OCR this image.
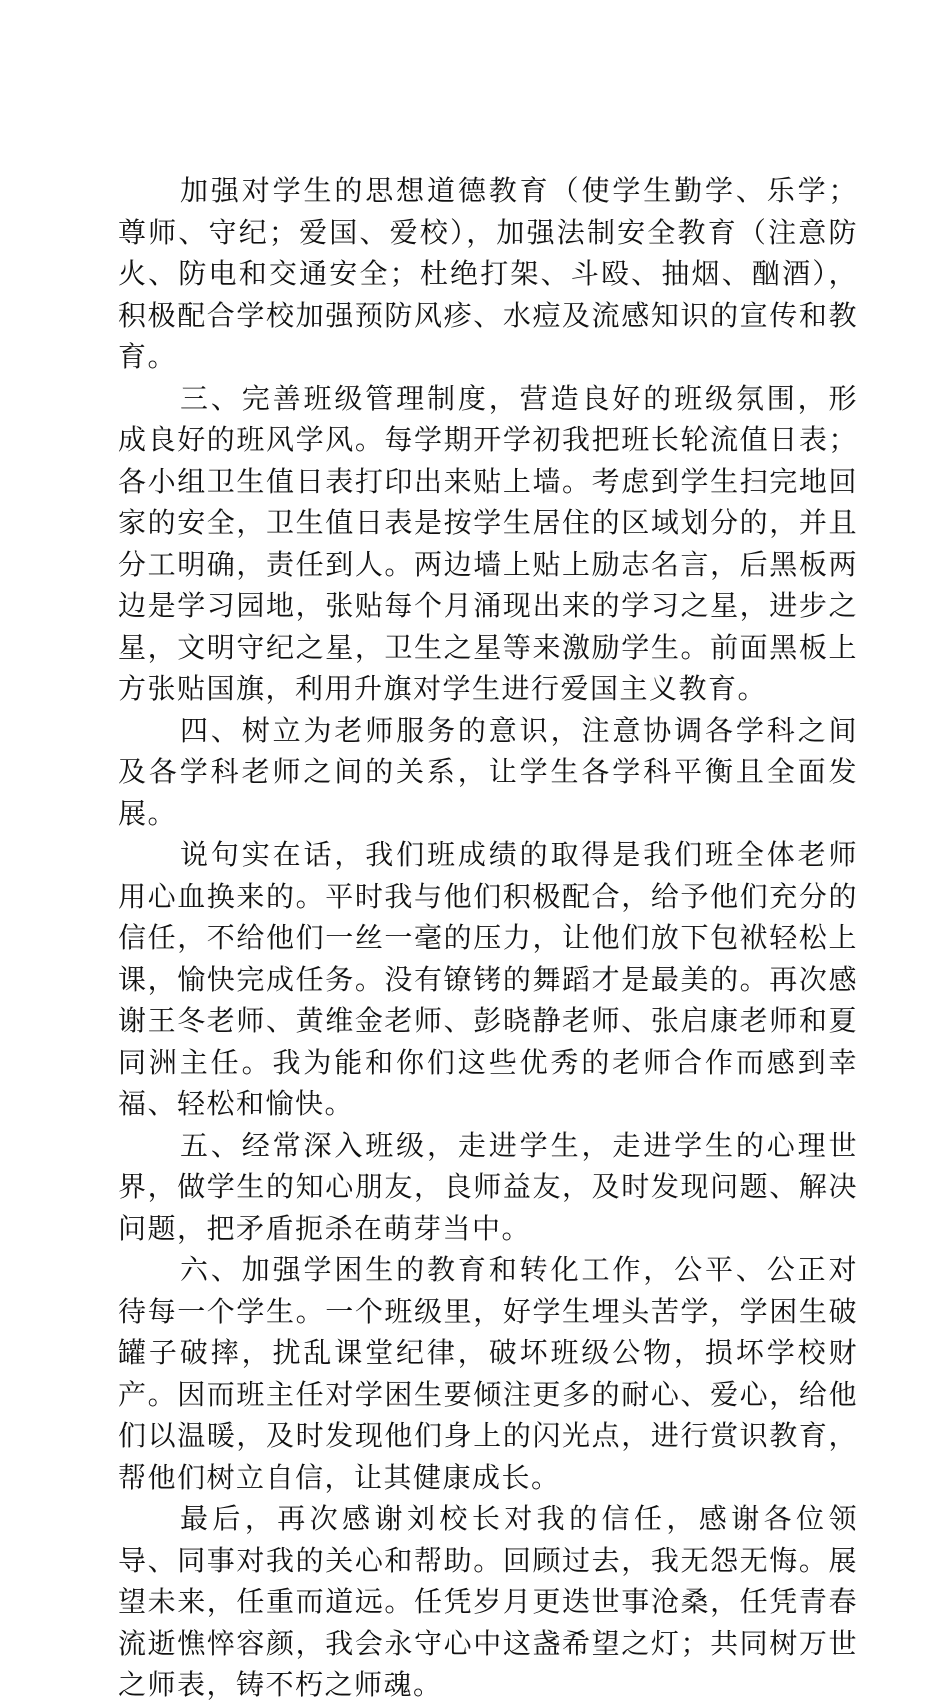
加强对学生的思想道德教育（使学生勤学、乐学；尊师、守纪；爱国、爱校），加强法制安全教育（注意防火、防电和交通安全；杜绝打架、斗殴、抽烟、酗酒），积极配合学校加强预防风疹、水痘及流感知识的宣传和教育。

三、完善班级管理制度，营造良好的班级氛围，形成良好的班风学风。每学期开学初我把班长轮流值日表；各小组卫生值日表打印出来贴上墙。考虑到学生扫完地回家的安全，卫生值日表是按学生居住的区域划分的，并且分工明确，责任到人。两边墙上贴上励志名言，后黑板两边是学习园地，张贴每个月涌现出来的学习之星，进步之星，文明守纪之星，卫生之星等来激励学生。前面黑板上方张贴国旗，利用升旗对学生进行爱国主义教育。

四、树立为老师服务的意识，注意协调各学科之间及各学科老师之间的关系，让学生各学科平衡且全面发展。

说句实在话，我们班成绩的取得是我们班全体老师用心血换来的。平时我与他们积极配合，给予他们充分的信任，不给他们一丝一毫的压力，让他们放下包袱轻松上课，愉快完成任务。没有镣铐的舞蹈才是最美的。再次感谢王冬老师、黄维金老师、彭晓静老师、张启康老师和夏同洲主任。我为能和你们这些优秀的老师合作而感到幸福、轻松和愉快。

五、经常深入班级，走进学生，走进学生的心理世界，做学生的知心朋友，良师益友，及时发现问题、解决问题，把矛盾扼杀在萌芽当中。

六、加强学困生的教育和转化工作，公平、公正对待每一个学生。一个班级里，好学生埋头苦学，学困生破罐子破摔，扰乱课堂纪律，破坏班级公物，损坏学校财产。因而班主任对学困生要倾注更多的耐心、爱心，给他们以温暖，及时发现他们身上的闪光点，进行赏识教育，帮他们树立自信，让其健康成长。

最后，再次感谢刘校长对我的信任，感谢各位领导、同事对我的关心和帮助。回顾过去，我无怨无悔。展望未来，任重而道远。任凭岁月更迭世事沧桑，任凭青春流逝憔悴容颜，我会永守心中这盏希望之灯；共同树万世之师表，铸不朽之师魂。
